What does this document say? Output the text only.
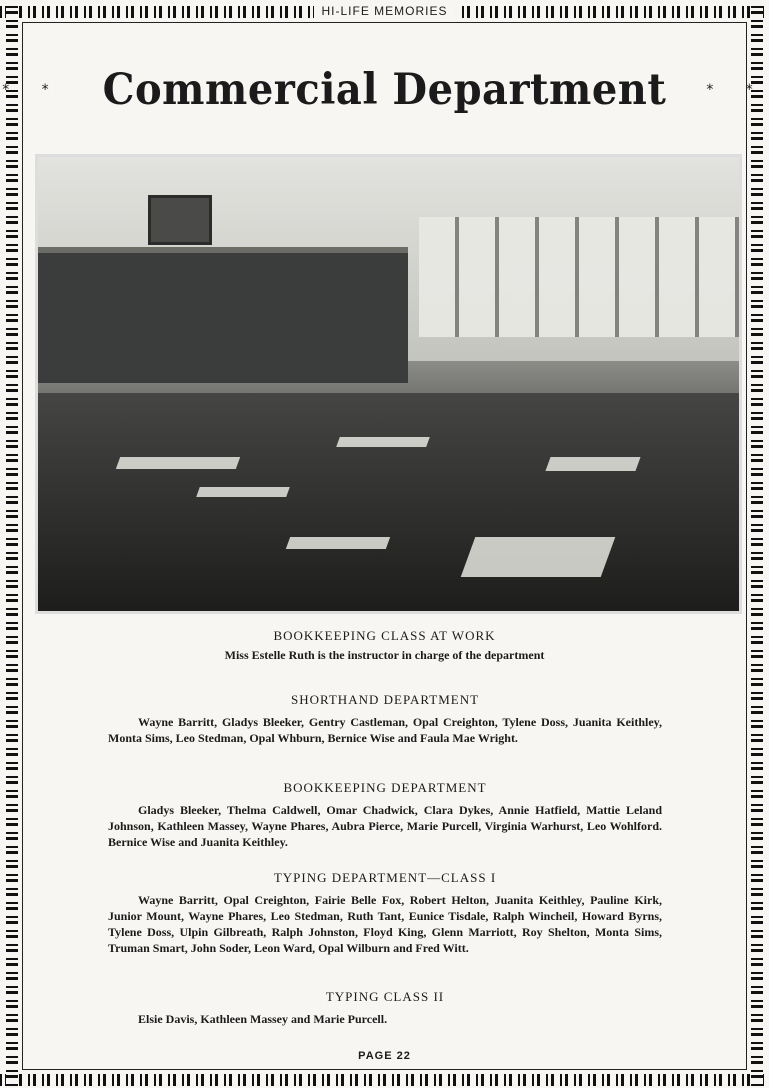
HI-LIFE MEMORIES
* * Commercial Department	* *

BOOKKEEPING CLASS AT WORK

Miss Estelle Ruth is the instructor in charge of the department

SHORTHAND DEPARTMENT

Wayne Barritt, Gladys Bleeker, Gentry Castleman, Opal Creighton, Tylene Doss, Juanita Keithley, Monta Sims, Leo Stedman, Opal Whburn, Bernice Wise and Faula Mae Wright.

BOOKKEEPING DEPARTMENT

Gladys Bleeker, Thelma Caldwell, Omar Chadwick, Clara Dykes, Annie Hatfield, Mattie Leland Johnson, Kathleen Massey, Wayne Phares, Aubra Pierce, Marie Purcell, Virginia Warhurst, Leo Wohlford. Bernice Wise and Juanita Keithley.

TYPING DEPARTMENT—CLASS I

Wayne Barritt, Opal Creighton, Fairie Belle Fox, Robert Helton, Juanita Keithley, Pauline Kirk, Junior Mount, Wayne Phares, Leo Stedman, Ruth Tant, Eunice Tisdale, Ralph Wincheil, Howard Byrns, Tylene Doss, Ulpin Gilbreath, Ralph Johnston, Floyd King, Glenn Marriott, Roy Shelton, Monta Sims, Truman Smart, John Soder, Leon Ward, Opal Wilburn and Fred Witt.

TYPING CLASS II

Elsie Davis, Kathleen Massey and Marie Purcell.

PAGE 22
